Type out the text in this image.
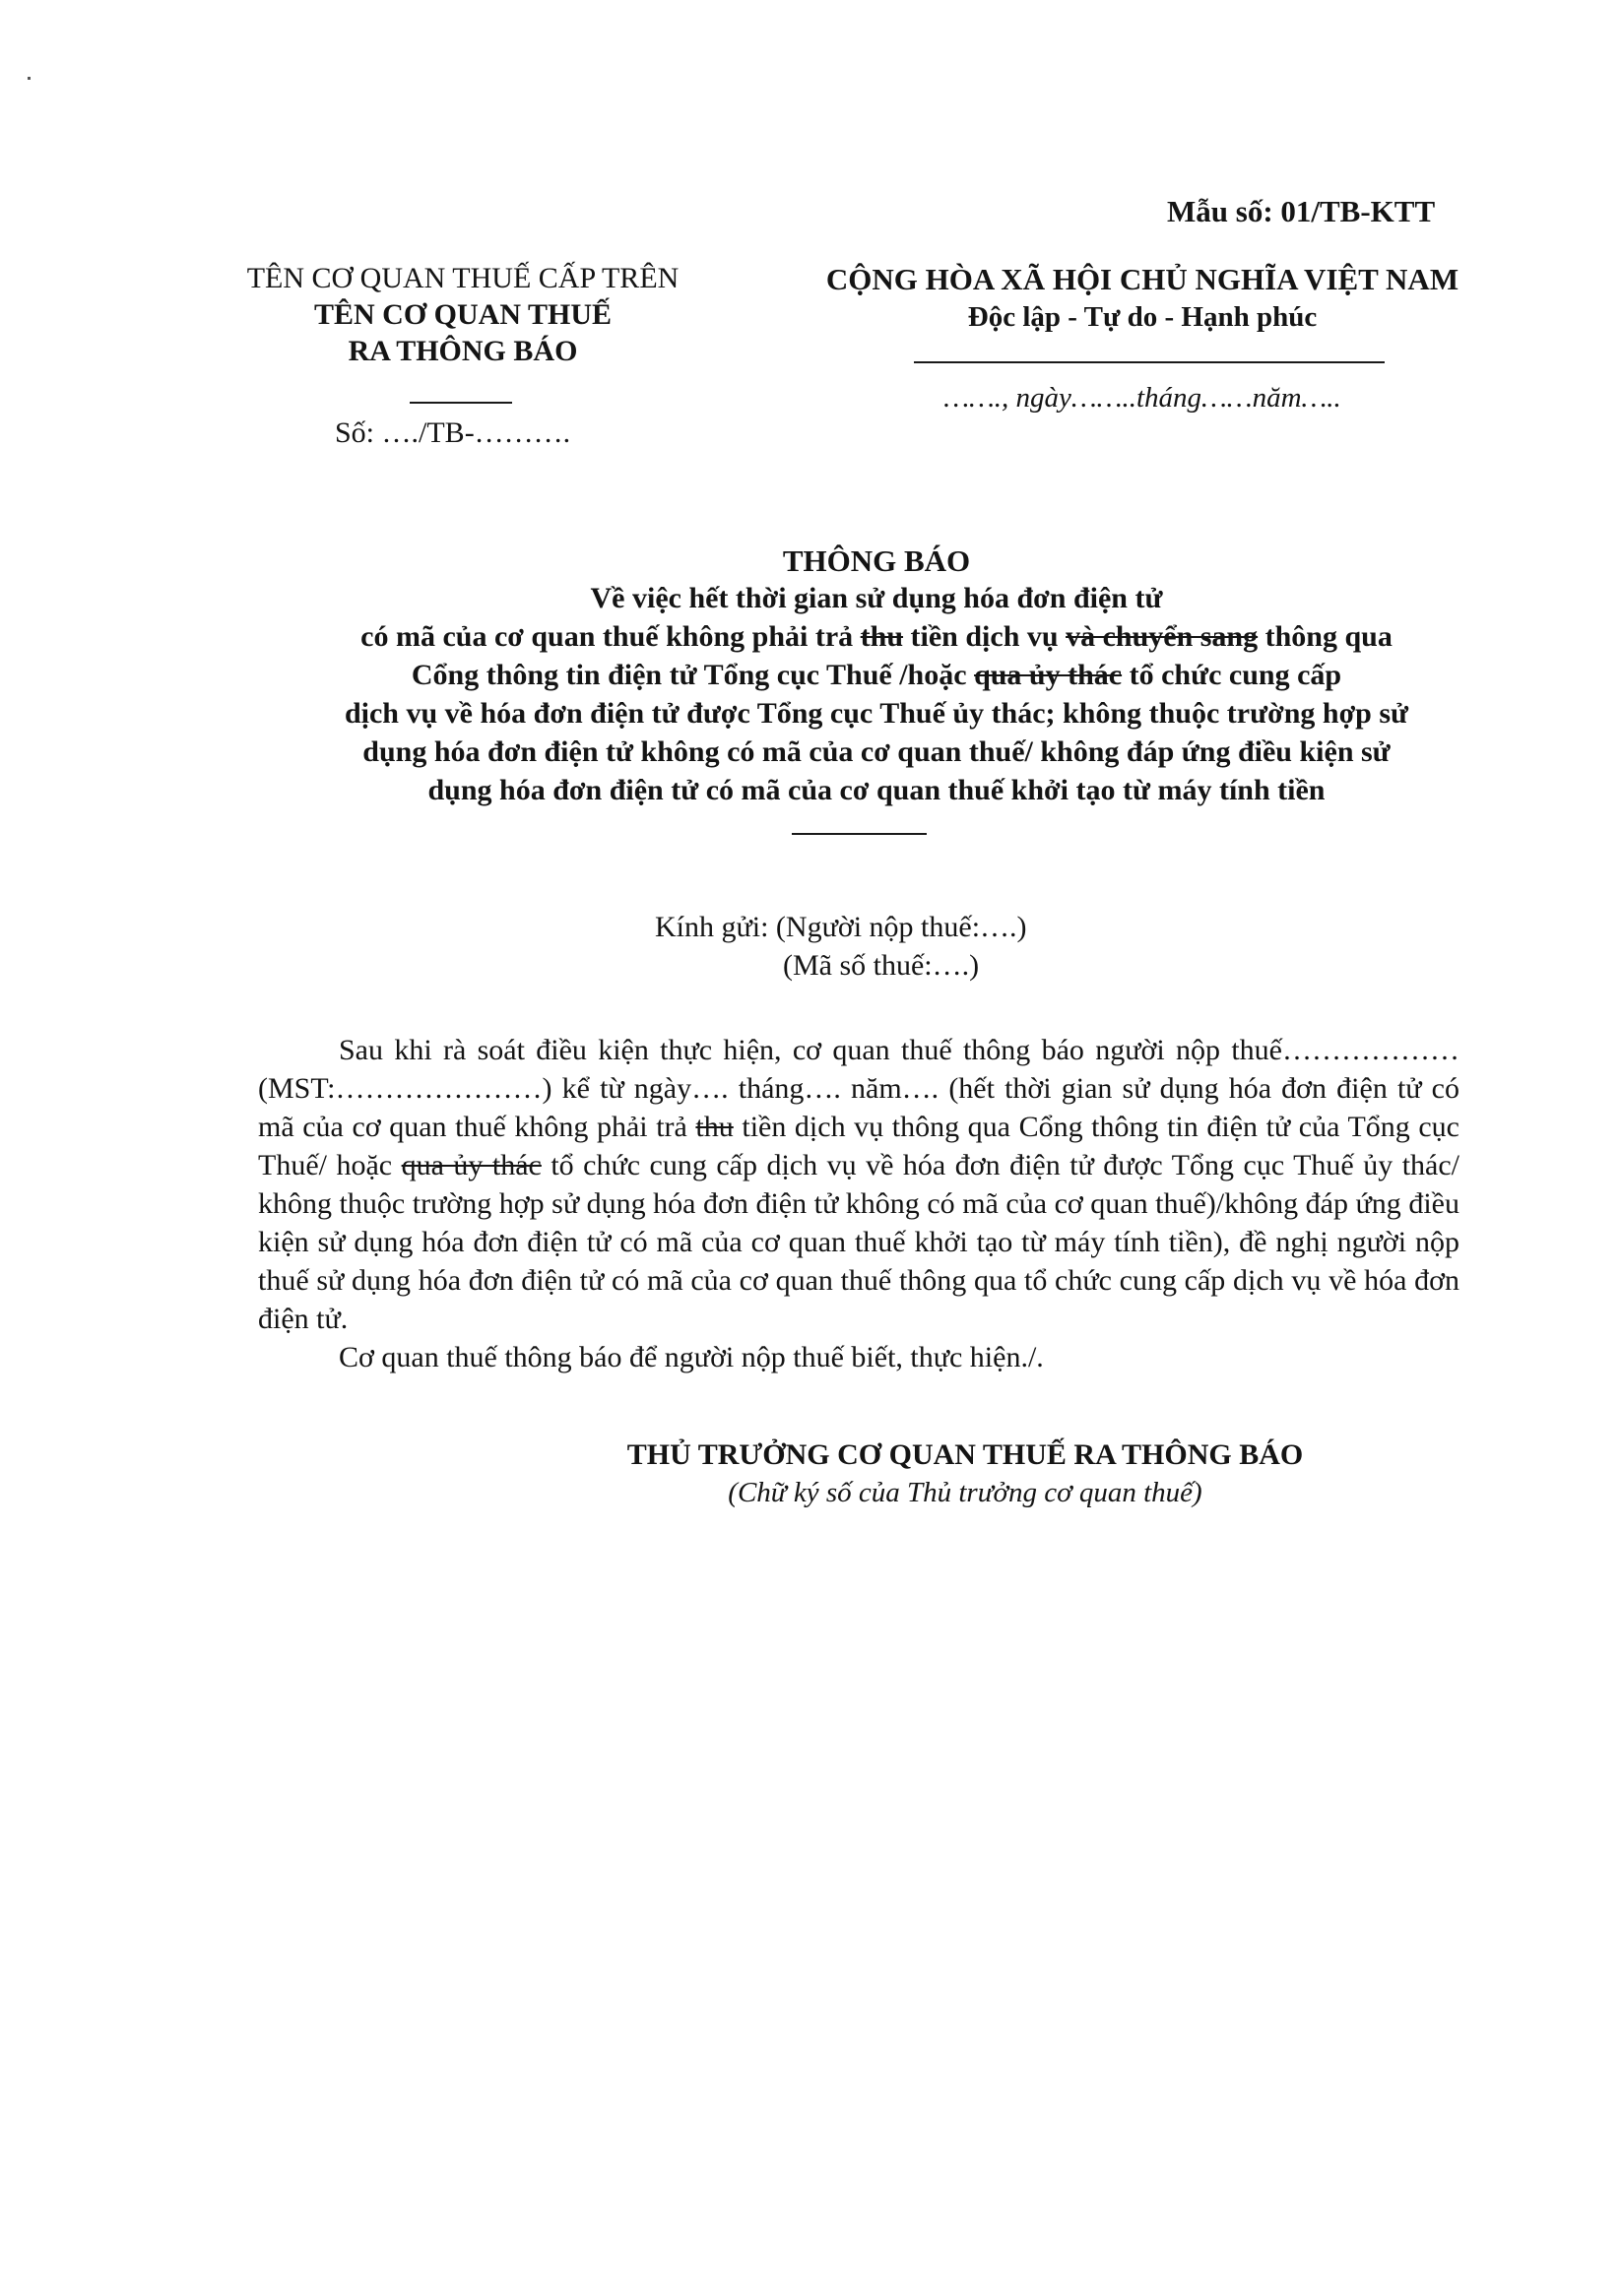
Mẫu số: 01/TB-KTT
TÊN CƠ QUAN THUẾ CẤP TRÊN
TÊN CƠ QUAN THUẾ
RA THÔNG BÁO
Số: …./TB-……….
CỘNG HÒA XÃ HỘI CHỦ NGHĨA VIỆT NAM
Độc lập - Tự do - Hạnh phúc
……., ngày……..tháng……năm…..
THÔNG BÁO
Về việc hết thời gian sử dụng hóa đơn điện tử
có mã của cơ quan thuế không phải trả thu tiền dịch vụ và chuyển sang thông qua
Cổng thông tin điện tử Tổng cục Thuế /hoặc qua ủy thác tổ chức cung cấp
dịch vụ về hóa đơn điện tử được Tổng cục Thuế ủy thác; không thuộc trường hợp sử
dụng hóa đơn điện tử không có mã của cơ quan thuế/ không đáp ứng điều kiện sử
dụng hóa đơn điện tử có mã của cơ quan thuế khởi tạo từ máy tính tiền
Kính gửi: (Người nộp thuế:….)
(Mã số thuế:….)
Sau khi rà soát điều kiện thực hiện, cơ quan thuế thông báo người nộp thuế……………… (MST:…………………) kể từ ngày…. tháng…. năm…. (hết thời gian sử dụng hóa đơn điện tử có mã của cơ quan thuế không phải trả thu tiền dịch vụ thông qua Cổng thông tin điện tử của Tổng cục Thuế/ hoặc qua ủy thác tổ chức cung cấp dịch vụ về hóa đơn điện tử được Tổng cục Thuế ủy thác/ không thuộc trường hợp sử dụng hóa đơn điện tử không có mã của cơ quan thuế)/không đáp ứng điều kiện sử dụng hóa đơn điện tử có mã của cơ quan thuế khởi tạo từ máy tính tiền), đề nghị người nộp thuế sử dụng hóa đơn điện tử có mã của cơ quan thuế thông qua tổ chức cung cấp dịch vụ về hóa đơn điện tử.
Cơ quan thuế thông báo để người nộp thuế biết, thực hiện./.
THỦ TRƯỞNG CƠ QUAN THUẾ RA THÔNG BÁO
(Chữ ký số của Thủ trưởng cơ quan thuế)
